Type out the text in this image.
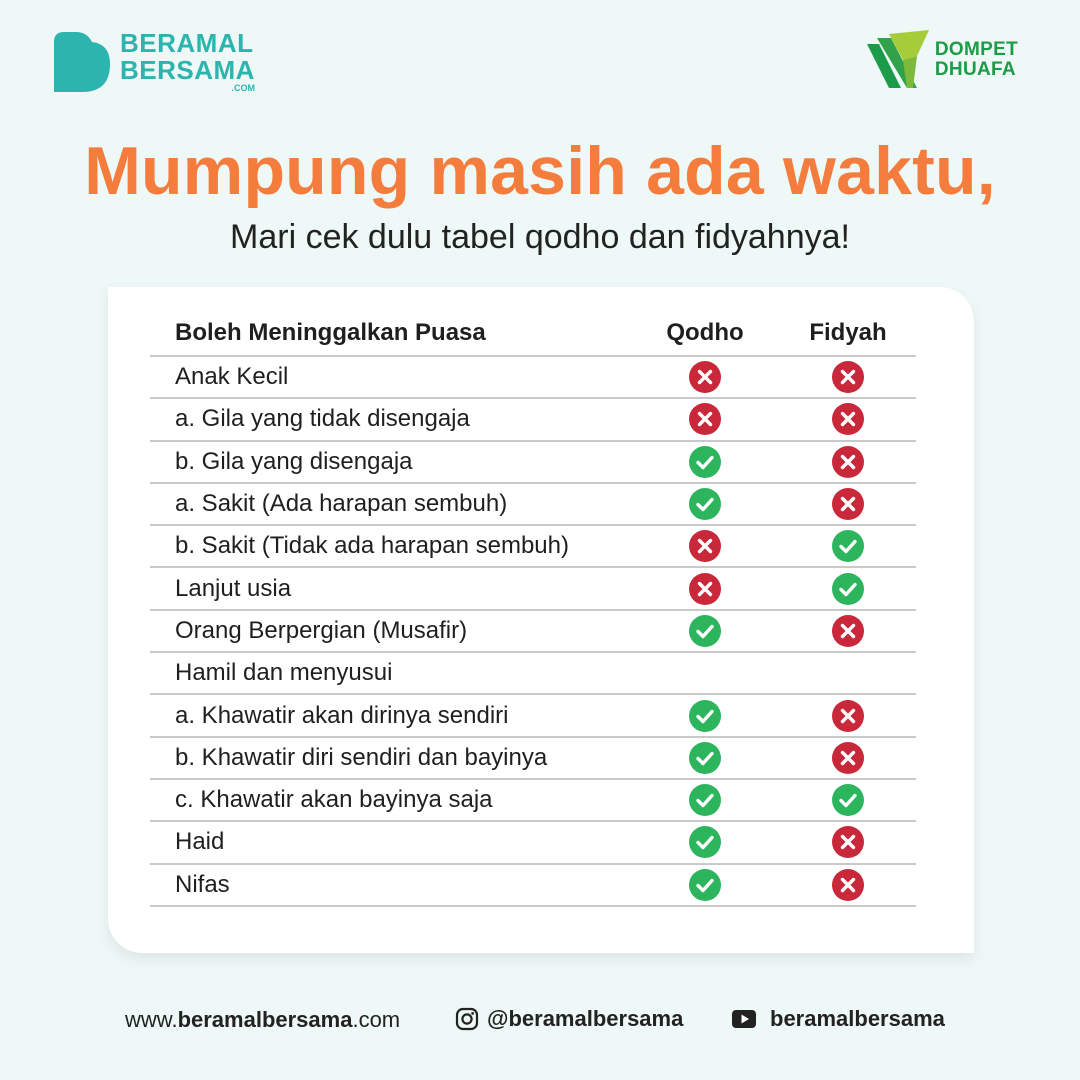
BERAMAL
BERSAMA
.COM
DOMPET
DHUAFA
Mumpung masih ada waktu,
Mari cek dulu tabel qodho dan fidyahnya!
Boleh Meninggalkan Puasa	Qodho	Fidyah
Anak Kecil
a. Gila yang tidak disengaja
b. Gila yang disengaja
a. Sakit (Ada harapan sembuh)
b. Sakit (Tidak ada harapan sembuh)
Lanjut usia
Orang Berpergian (Musafir)
Hamil dan menyusui
a. Khawatir akan dirinya sendiri
b. Khawatir diri sendiri dan bayinya
c. Khawatir akan bayinya saja
Haid
Nifas
www.beramalbersama.com	@beramalbersama	beramalbersama
